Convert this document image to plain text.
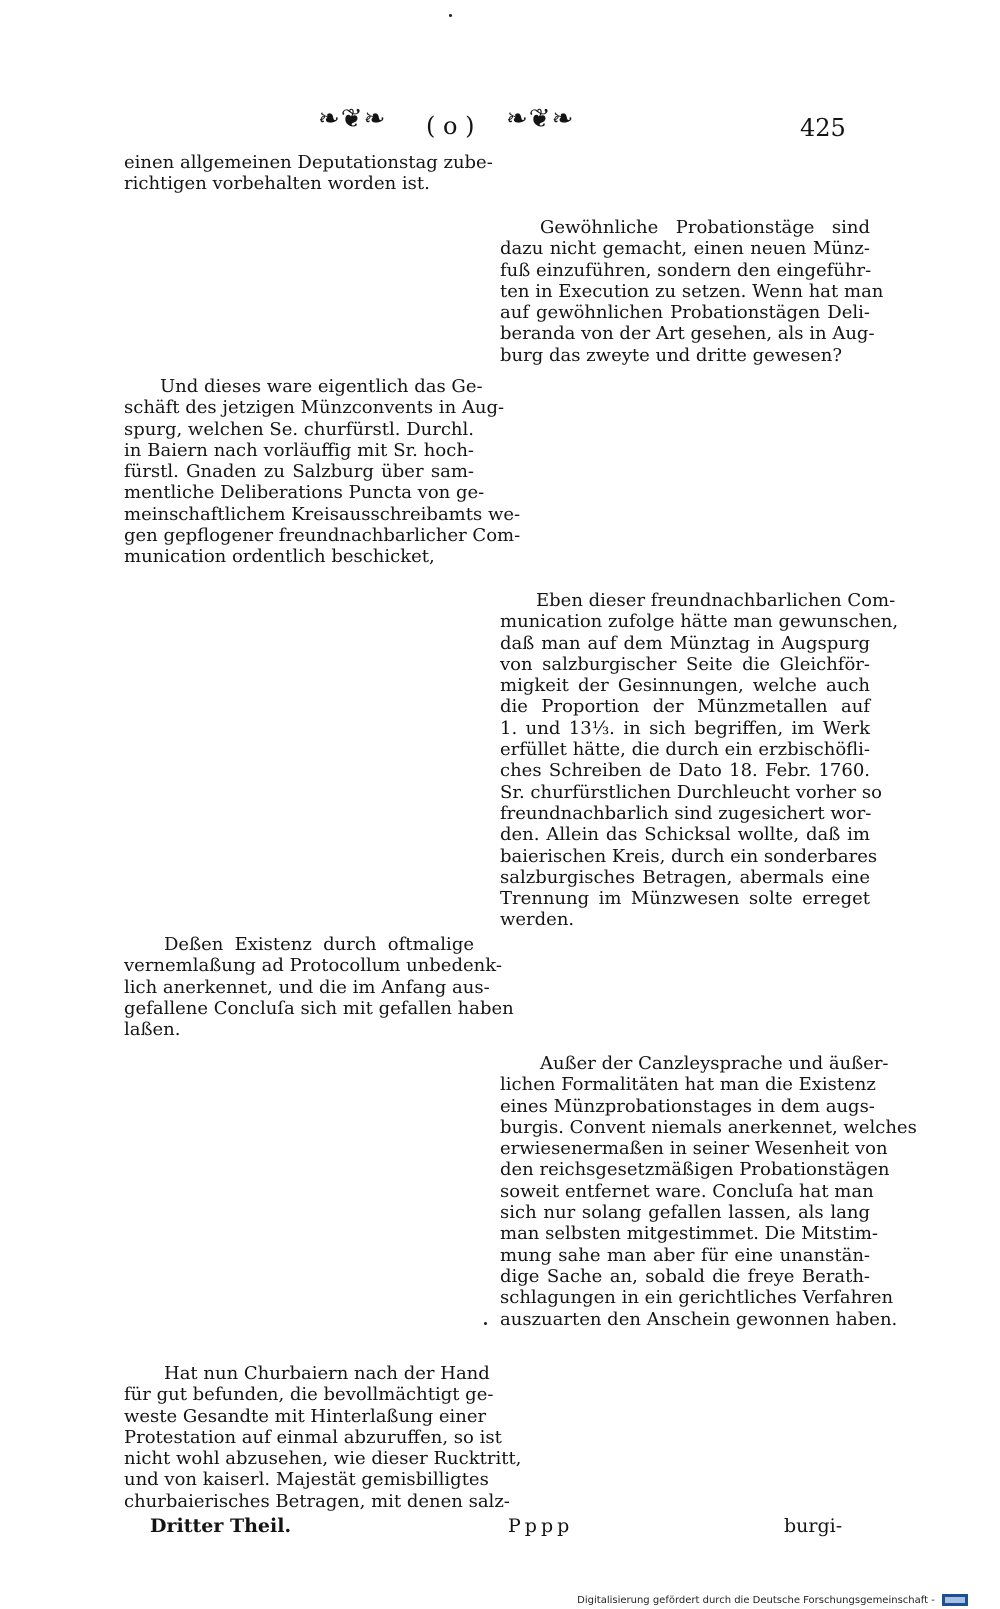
❧❦❧ ( o ) ❧❦❧	425
einen allgemeinen Deputationstag zube-
richtigen vorbehalten worden ist.
Und dieses ware eigentlich das Ge-
schäft des jetzigen Münzconvents in Aug-
spurg, welchen Se. churfürstl. Durchl.
in Baiern nach vorläuffig mit Sr. hoch-
fürstl. Gnaden zu Salzburg über sam-
mentliche Deliberations Puncta von ge-
meinschaftlichem Kreisausschreibamts we-
gen gepflogener freundnachbarlicher Com-
munication ordentlich beschicket,
Deßen Existenz durch oftmalige
vernemlaßung ad Protocollum unbedenk-
lich anerkennet, und die im Anfang aus-
gefallene Concluſa sich mit gefallen haben
laßen.
Hat nun Churbaiern nach der Hand
für gut befunden, die bevollmächtigt ge-
weste Gesandte mit Hinterlaßung einer
Protestation auf einmal abzuruffen, so ist
nicht wohl abzusehen, wie dieser Rucktritt,
und von kaiserl. Majestät gemisbilligtes
churbaierisches Betragen, mit denen salz-
Gewöhnliche Probationstäge sind
dazu nicht gemacht, einen neuen Münz-
fuß einzuführen, sondern den eingeführ-
ten in Execution zu setzen. Wenn hat man
auf gewöhnlichen Probationstägen Deli-
beranda von der Art gesehen, als in Aug-
burg das zweyte und dritte gewesen?
Eben dieser freundnachbarlichen Com-
munication zufolge hätte man gewunschen,
daß man auf dem Münztag in Augspurg
von salzburgischer Seite die Gleichför-
migkeit der Gesinnungen, welche auch
die Proportion der Münzmetallen auf
1. und 13⅓. in sich begriffen, im Werk
erfüllet hätte, die durch ein erzbischöfli-
ches Schreiben de Dato 18. Febr. 1760.
Sr. churfürstlichen Durchleucht vorher so
freundnachbarlich sind zugesichert wor-
den. Allein das Schicksal wollte, daß im
baierischen Kreis, durch ein sonderbares
salzburgisches Betragen, abermals eine
Trennung im Münzwesen solte erreget
werden.
Außer der Canzleysprache und äußer-
lichen Formalitäten hat man die Existenz
eines Münzprobationstages in dem augs-
burgis. Convent niemals anerkennet, welches
erwiesenermaßen in seiner Wesenheit von
den reichsgesetzmäßigen Probationstägen
soweit entfernet ware. Concluſa hat man
sich nur solang gefallen lassen, als lang
man selbsten mitgestimmet. Die Mitstim-
mung sahe man aber für eine unanstän-
dige Sache an, sobald die freye Berath-
schlagungen in ein gerichtliches Verfahren
auszuarten den Anschein gewonnen haben.
Dritter Theil.	Pppp	burgi-
Digitalisierung gefördert durch die Deutsche Forschungsgemeinschaft -
